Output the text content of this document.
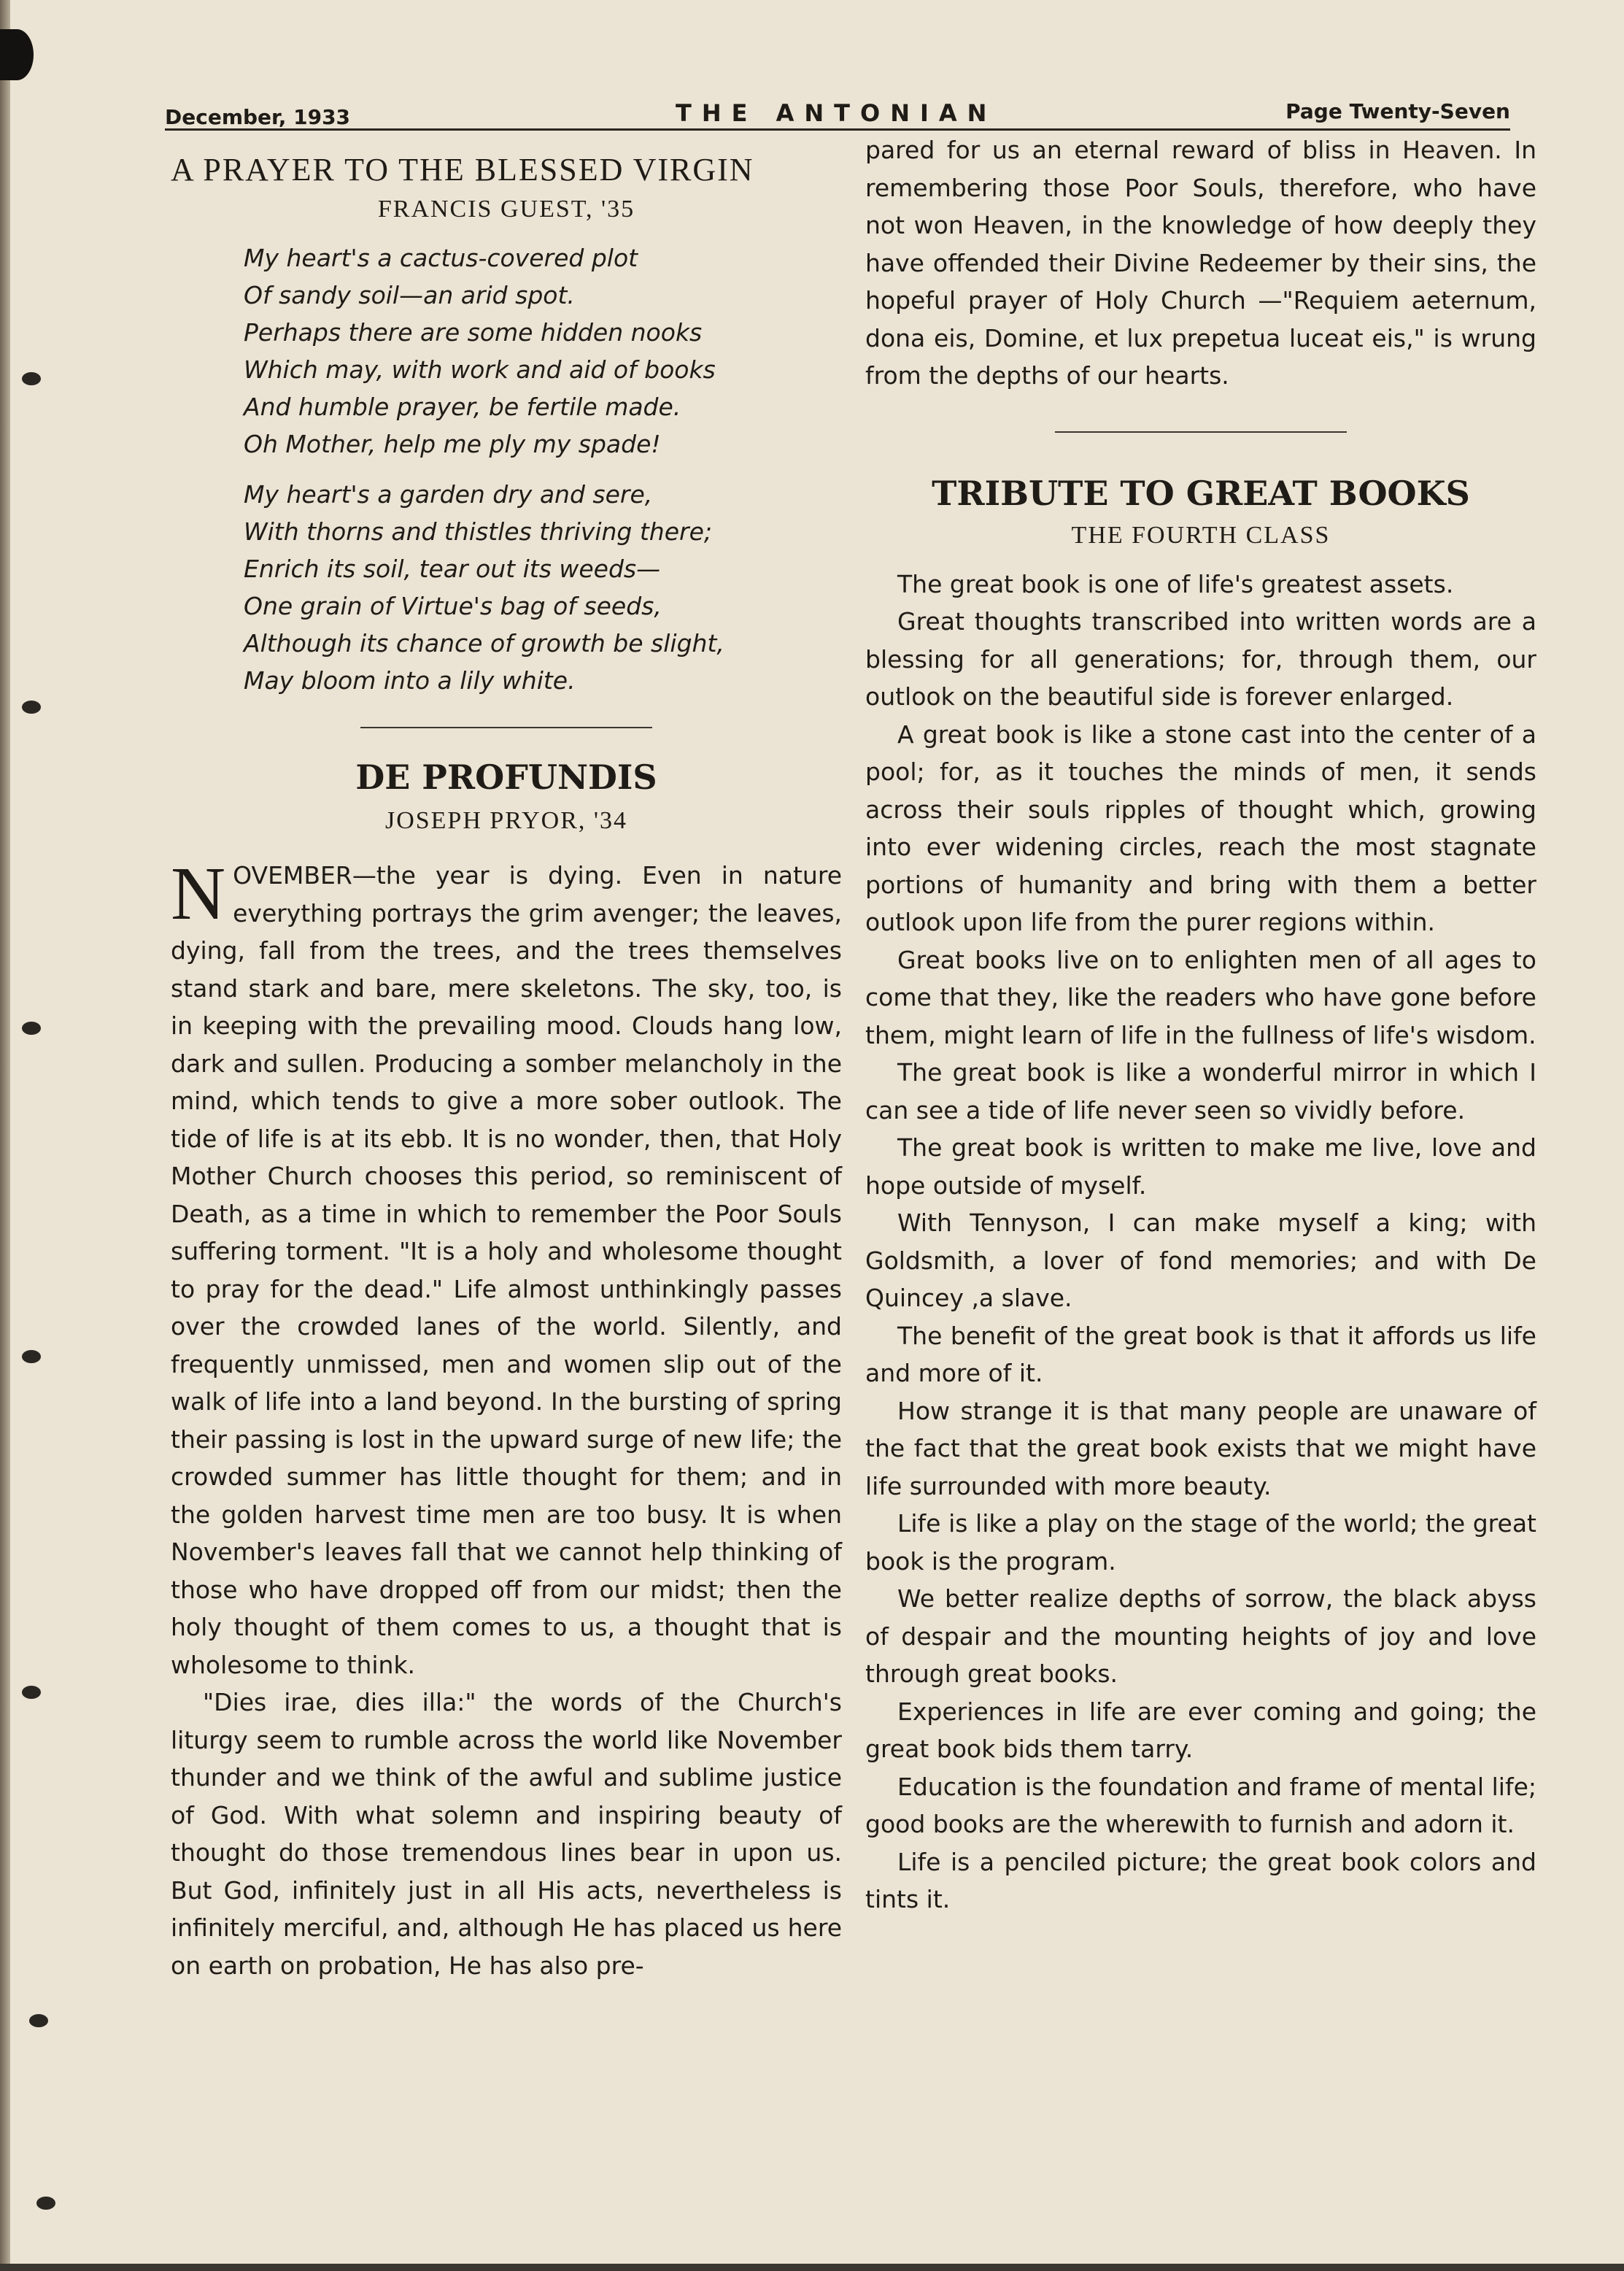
December, 1933	THE ANTONIAN	Page Twenty-Seven
A PRAYER TO THE BLESSED VIRGIN
FRANCIS GUEST, '35
My heart's a cactus-covered plot
Of sandy soil—an arid spot.
Perhaps there are some hidden nooks
Which may, with work and aid of books
And humble prayer, be fertile made.
Oh Mother, help me ply my spade!
My heart's a garden dry and sere,
With thorns and thistles thriving there;
Enrich its soil, tear out its weeds—
One grain of Virtue's bag of seeds,
Although its chance of growth be slight,
May bloom into a lily white.
DE PROFUNDIS
JOSEPH PRYOR, '34

NOVEMBER—the year is dying. Even in nature everything portrays the grim avenger; the leaves, dying, fall from the trees, and the trees themselves stand stark and bare, mere skeletons. The sky, too, is in keeping with the prevailing mood. Clouds hang low, dark and sullen. Producing a somber melancholy in the mind, which tends to give a more sober outlook. The tide of life is at its ebb. It is no wonder, then, that Holy Mother Church chooses this period, so reminiscent of Death, as a time in which to remember the Poor Souls suffering torment. "It is a holy and wholesome thought to pray for the dead." Life almost unthinkingly passes over the crowded lanes of the world. Silently, and frequently unmissed, men and women slip out of the walk of life into a land beyond. In the bursting of spring their passing is lost in the upward surge of new life; the crowded summer has little thought for them; and in the golden harvest time men are too busy. It is when November's leaves fall that we cannot help thinking of those who have dropped off from our midst; then the holy thought of them comes to us, a thought that is wholesome to think.

"Dies irae, dies illa:" the words of the Church's liturgy seem to rumble across the world like November thunder and we think of the awful and sublime justice of God. With what solemn and inspiring beauty of thought do those tremendous lines bear in upon us. But God, infinitely just in all His acts, nevertheless is infinitely merciful, and, although He has placed us here on earth on probation, He has also pre-

pared for us an eternal reward of bliss in Heaven. In remembering those Poor Souls, therefore, who have not won Heaven, in the knowledge of how deeply they have offended their Divine Redeemer by their sins, the hopeful prayer of Holy Church —"Requiem aeternum, dona eis, Domine, et lux prepetua luceat eis," is wrung from the depths of our hearts.

TRIBUTE TO GREAT BOOKS
THE FOURTH CLASS

The great book is one of life's greatest assets.

Great thoughts transcribed into written words are a blessing for all generations; for, through them, our outlook on the beautiful side is forever enlarged.

A great book is like a stone cast into the center of a pool; for, as it touches the minds of men, it sends across their souls ripples of thought which, growing into ever widening circles, reach the most stagnate portions of humanity and bring with them a better outlook upon life from the purer regions within.

Great books live on to enlighten men of all ages to come that they, like the readers who have gone before them, might learn of life in the fullness of life's wisdom.

The great book is like a wonderful mirror in which I can see a tide of life never seen so vividly before.

The great book is written to make me live, love and hope outside of myself.

With Tennyson, I can make myself a king; with Goldsmith, a lover of fond memories; and with De Quincey ,a slave.

The benefit of the great book is that it affords us life and more of it.

How strange it is that many people are unaware of the fact that the great book exists that we might have life surrounded with more beauty.

Life is like a play on the stage of the world; the great book is the program.

We better realize depths of sorrow, the black abyss of despair and the mounting heights of joy and love through great books.

Experiences in life are ever coming and going; the great book bids them tarry.

Education is the foundation and frame of mental life; good books are the wherewith to furnish and adorn it.

Life is a penciled picture; the great book colors and tints it.
